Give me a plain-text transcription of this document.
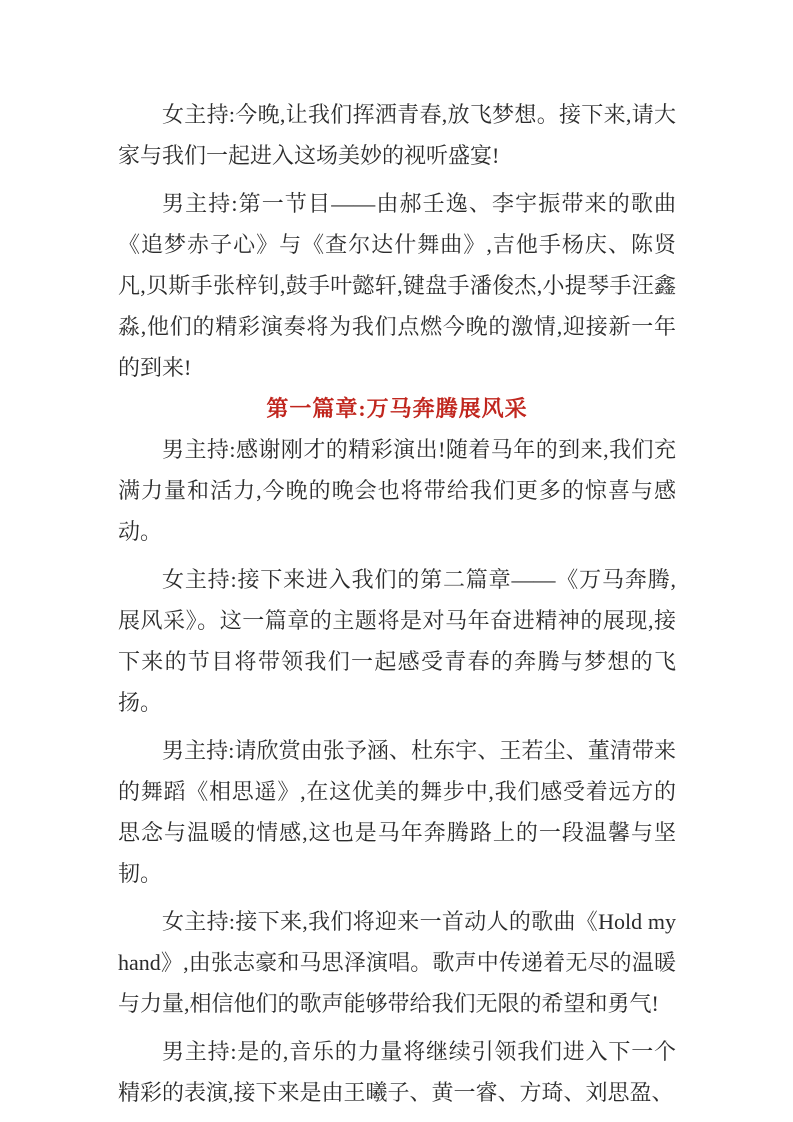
女主持:今晚,让我们挥洒青春,放飞梦想。接下来,请大家与我们一起进入这场美妙的视听盛宴!

男主持:第一节目——由郝壬逸、李宇振带来的歌曲《追梦赤子心》与《查尔达什舞曲》,吉他手杨庆、陈贤凡,贝斯手张梓钊,鼓手叶懿轩,键盘手潘俊杰,小提琴手汪鑫淼,他们的精彩演奏将为我们点燃今晚的激情,迎接新一年的到来!

第一篇章:万马奔腾展风采

男主持:感谢刚才的精彩演出!随着马年的到来,我们充满力量和活力,今晚的晚会也将带给我们更多的惊喜与感动。

女主持:接下来进入我们的第二篇章——《万马奔腾,展风采》。这一篇章的主题将是对马年奋进精神的展现,接下来的节目将带领我们一起感受青春的奔腾与梦想的飞扬。

男主持:请欣赏由张予涵、杜东宇、王若尘、董清带来的舞蹈《相思遥》,在这优美的舞步中,我们感受着远方的思念与温暖的情感,这也是马年奔腾路上的一段温馨与坚韧。

女主持:接下来,我们将迎来一首动人的歌曲《Hold my hand》,由张志豪和马思泽演唱。歌声中传递着无尽的温暖与力量,相信他们的歌声能够带给我们无限的希望和勇气!

男主持:是的,音乐的力量将继续引领我们进入下一个精彩的表演,接下来是由王曦子、黄一睿、方琦、刘思盈、
